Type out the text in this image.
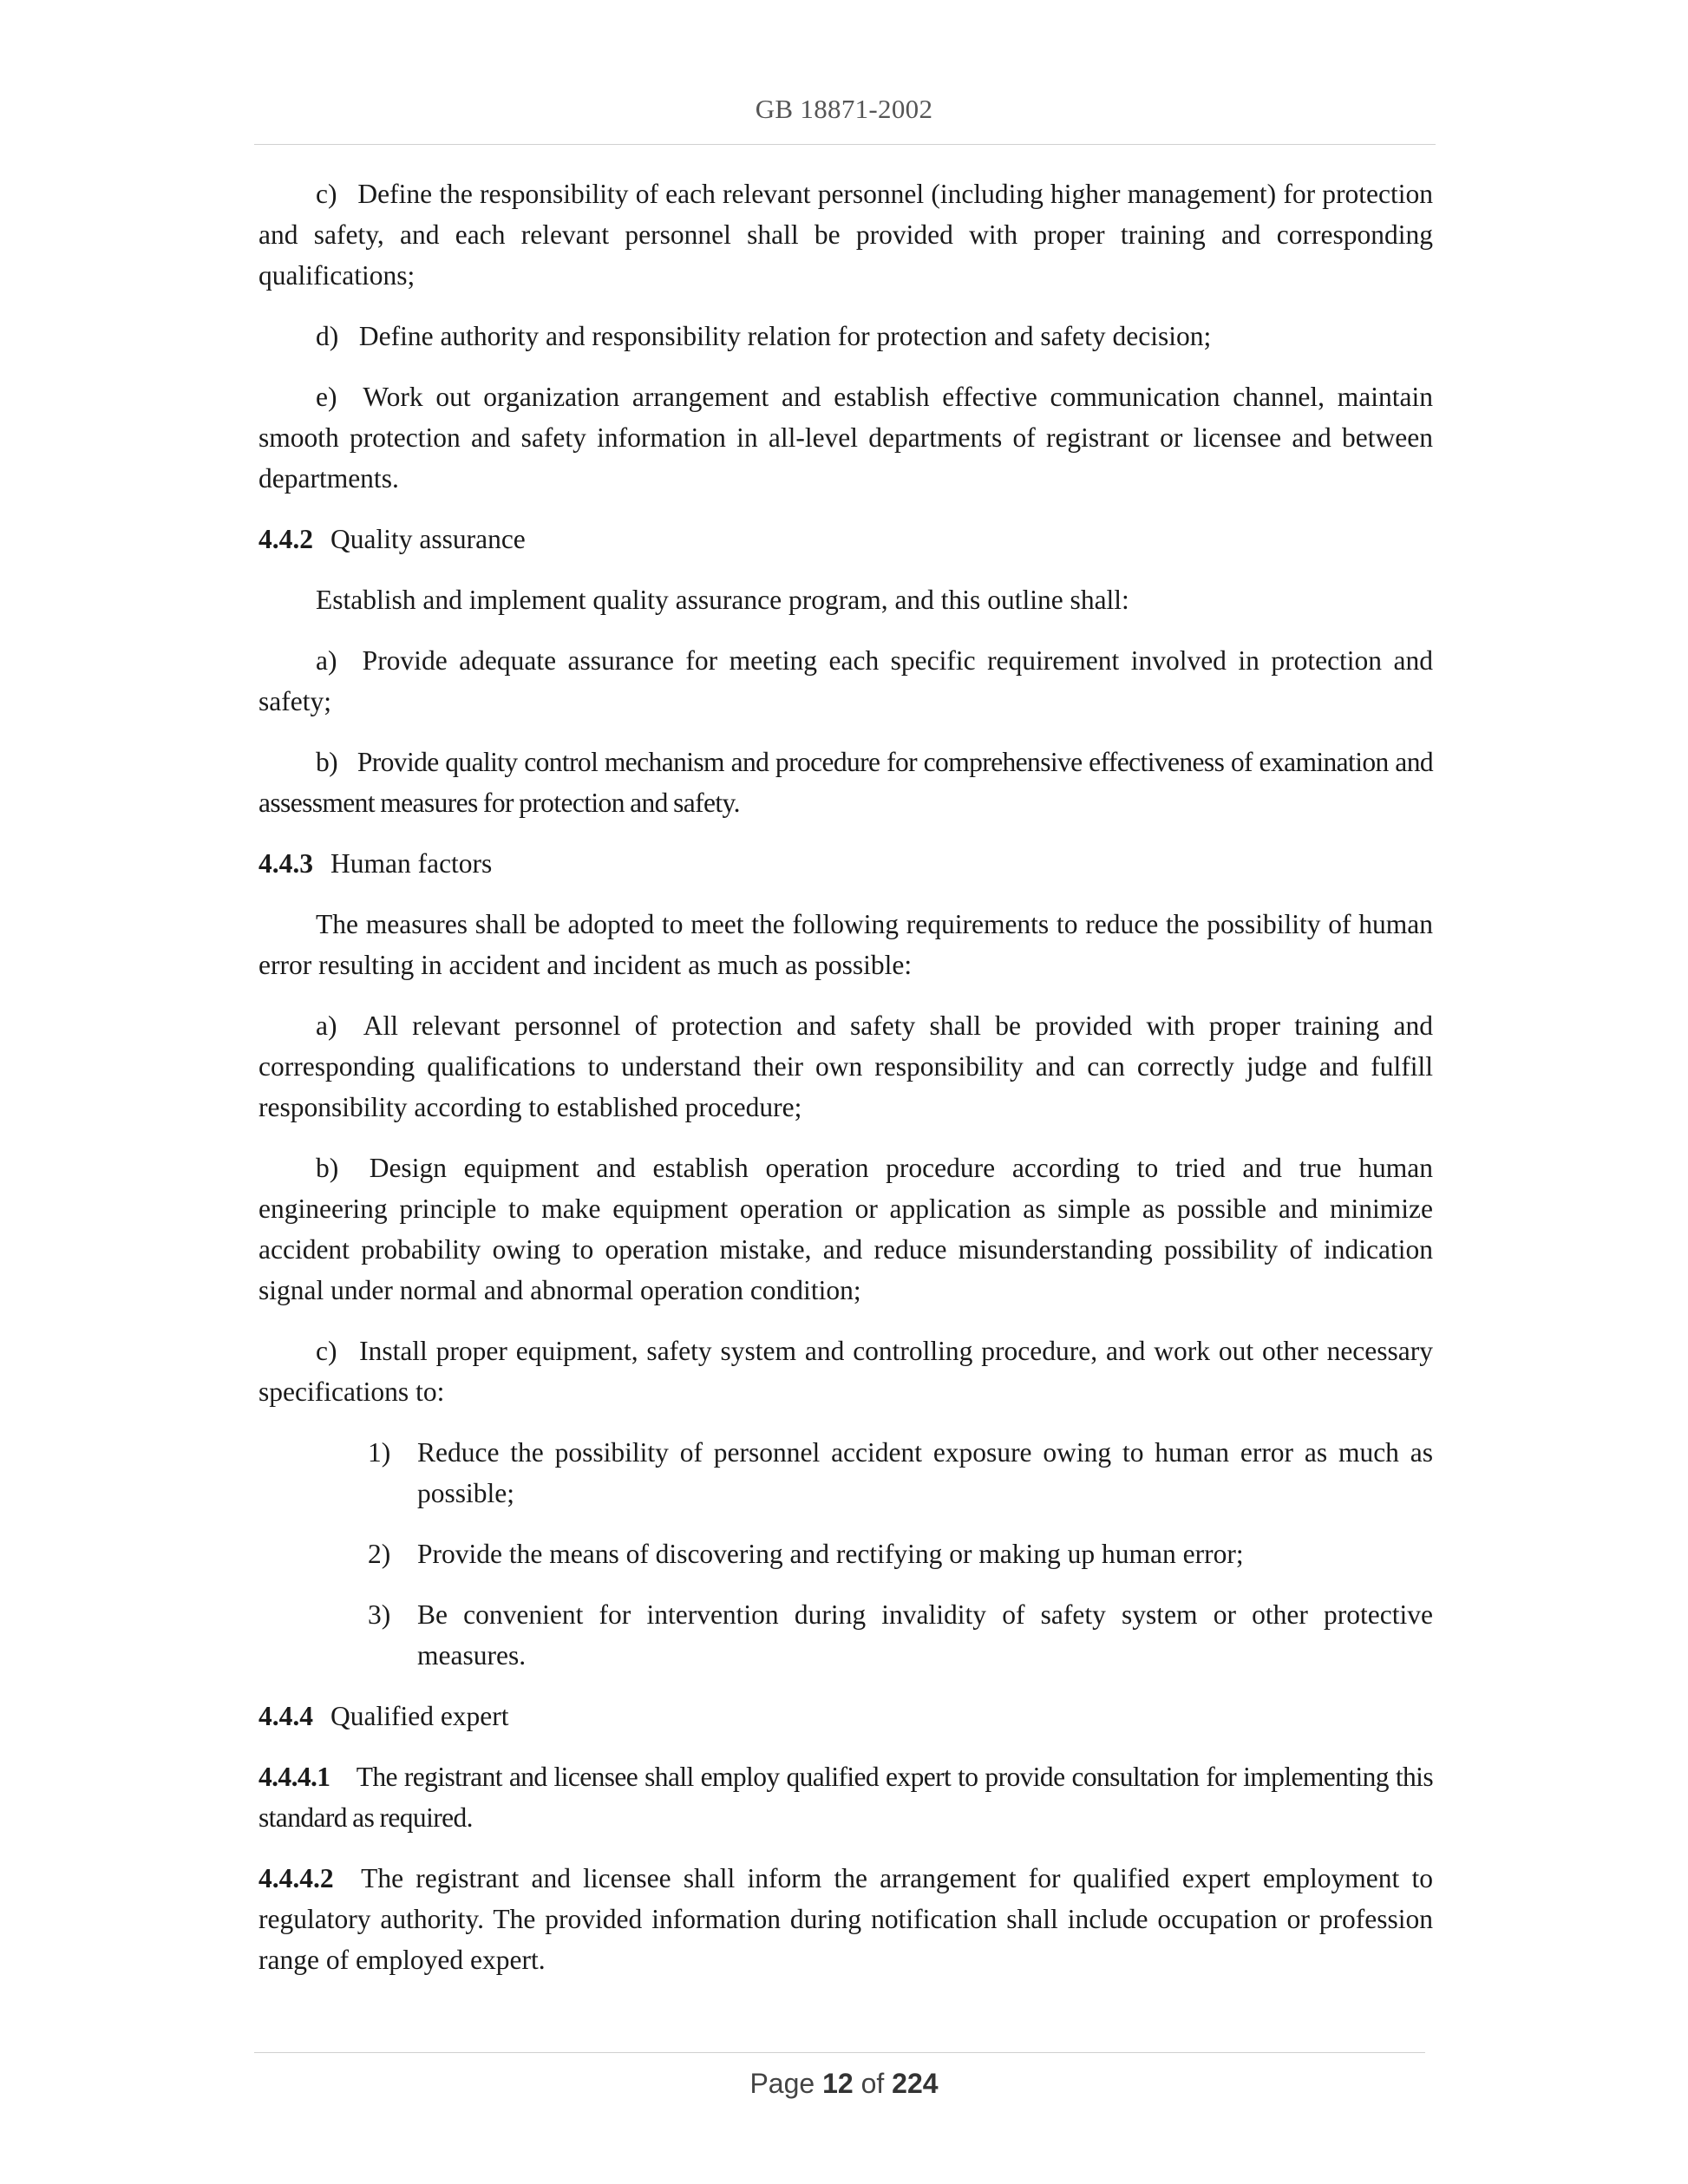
GB 18871-2002

c)  Define the responsibility of each relevant personnel (including higher management) for protection and safety, and each relevant personnel shall be provided with proper training and corresponding qualifications;

d)  Define authority and responsibility relation for protection and safety decision;

e)  Work out organization arrangement and establish effective communication channel, maintain smooth protection and safety information in all-level departments of registrant or licensee and between departments.

4.4.2 Quality assurance

Establish and implement quality assurance program, and this outline shall:

a)  Provide adequate assurance for meeting each specific requirement involved in protection and safety;

b)  Provide quality control mechanism and procedure for comprehensive effectiveness of examination and assessment measures for protection and safety.

4.4.3 Human factors

The measures shall be adopted to meet the following requirements to reduce the possibility of human error resulting in accident and incident as much as possible:

a)  All relevant personnel of protection and safety shall be provided with proper training and corresponding qualifications to understand their own responsibility and can correctly judge and fulfill responsibility according to established procedure;

b)  Design equipment and establish operation procedure according to tried and true human engineering principle to make equipment operation or application as simple as possible and minimize accident probability owing to operation mistake, and reduce misunderstanding possibility of indication signal under normal and abnormal operation condition;

c)  Install proper equipment, safety system and controlling procedure, and work out other necessary specifications to:

1) Reduce the possibility of personnel accident exposure owing to human error as much as possible;
2) Provide the means of discovering and rectifying or making up human error;
3) Be convenient for intervention during invalidity of safety system or other protective measures.

4.4.4 Qualified expert

4.4.4.1   The registrant and licensee shall employ qualified expert to provide consultation for implementing this standard as required.

4.4.4.2   The registrant and licensee shall inform the arrangement for qualified expert employment to regulatory authority. The provided information during notification shall include occupation or profession range of employed expert.

Page 12 of 224
